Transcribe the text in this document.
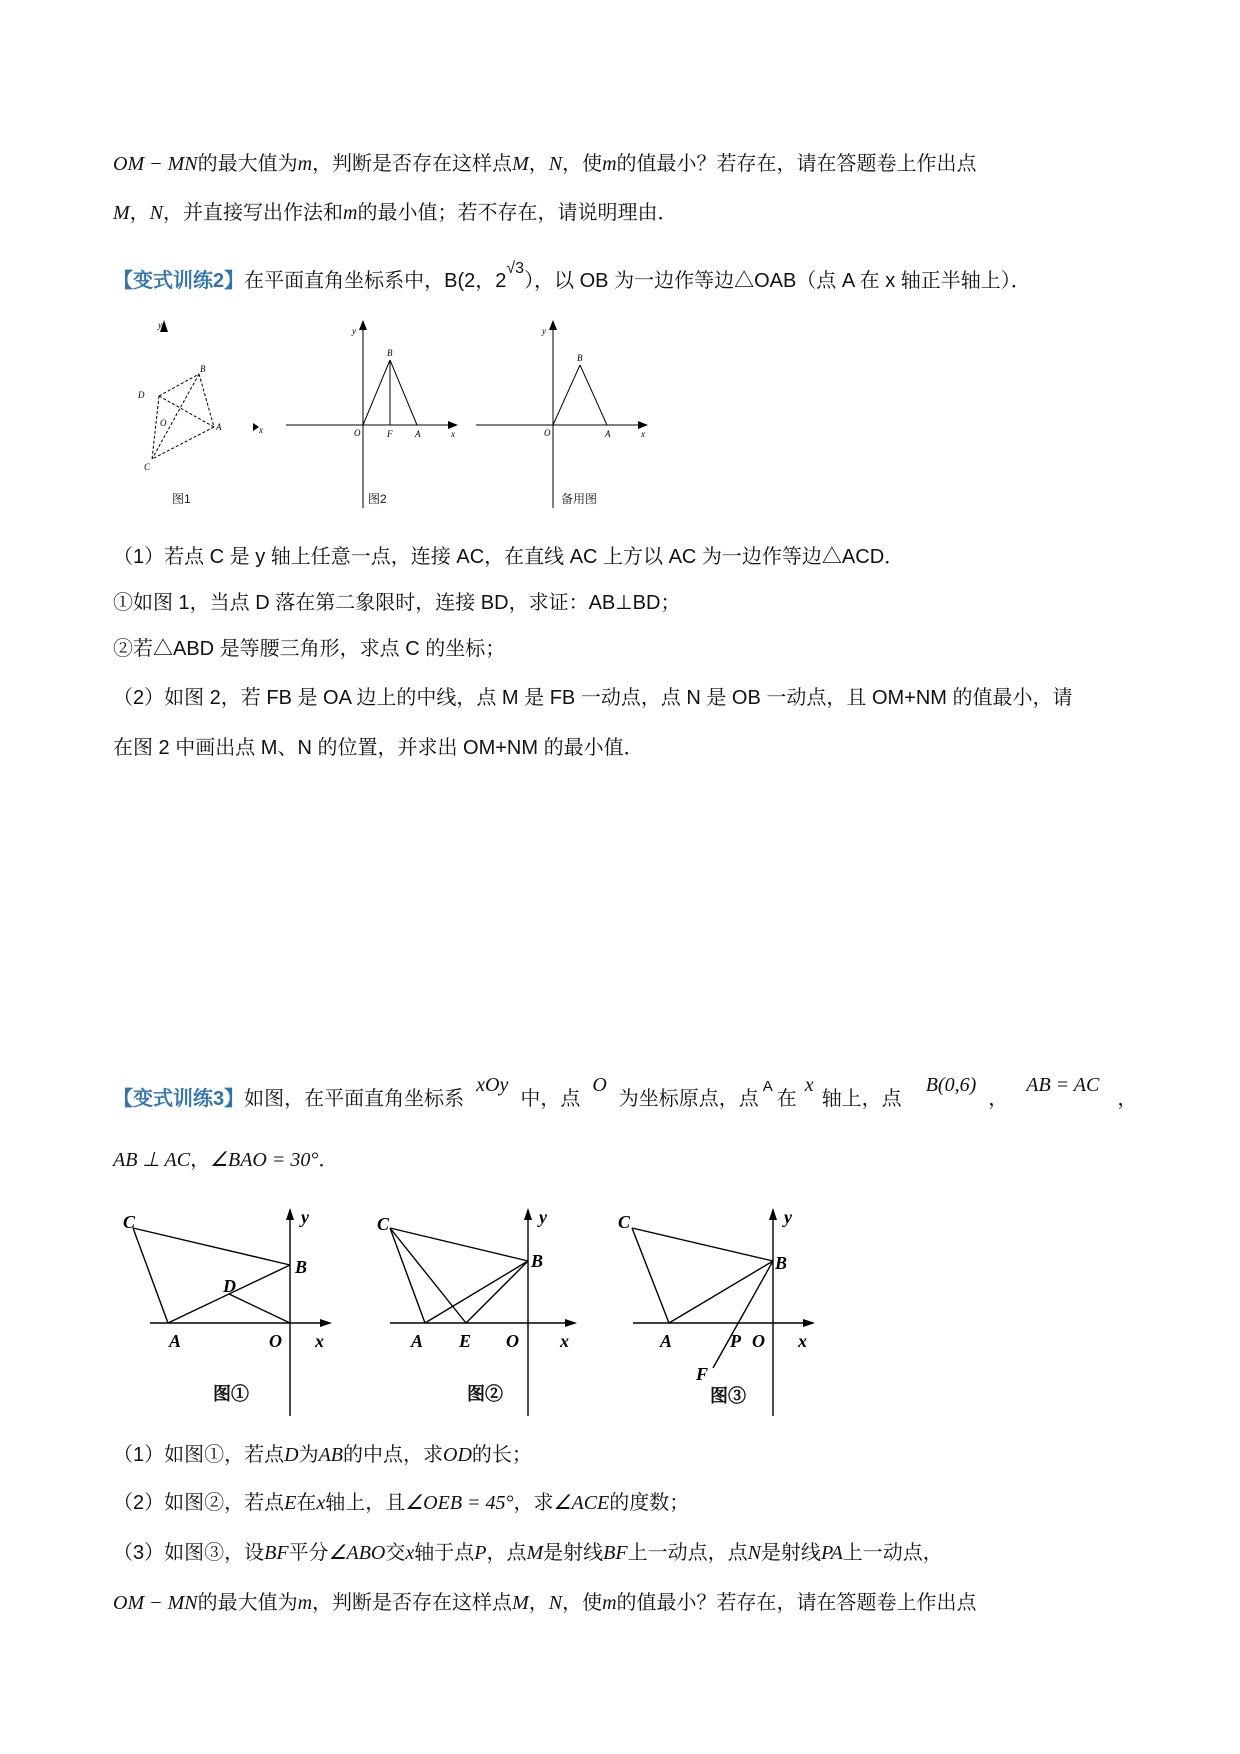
OM − MN的最大值为m，判断是否存在这样点M，N，使m的值最小？若存在，请在答题卷上作出点
M，N，并直接写出作法和m的最小值；若不存在，请说明理由．
【变式训练2】在平面直角坐标系中，B(2，$2^{√3}$），以 OB 为一边作等边△OAB（点 A 在 x 轴正半轴上）．
y
B
D
O	A
C
x
图1
y
x
B
O	F	A
图2
y
x
B
O	A
备用图
（1）若点 C 是 y 轴上任意一点，连接 AC，在直线 AC 上方以 AC 为一边作等边△ACD．
①如图 1，当点 D 落在第二象限时，连接 BD，求证：AB⊥BD；
②若△ABD 是等腰三角形，求点 C 的坐标；
（2）如图 2，若 FB 是 OA 边上的中线，点 M 是 FB 一动点，点 N 是 OB 一动点，且 OM+NM 的值最小，请
在图 2 中画出点 M、N 的位置，并求出 OM+NM 的最小值．
【变式训练3】如图，在平面直角坐标系xOy中，点O为坐标原点，点$^A$在x轴上，点B(0,6)，AB = AC，
AB ⊥ AC，∠BAO = 30°．
y
x
C
B
D
A	O
图①
y
x
C
B
A E O
图②
y
x
C
B
A	P O
F
图③
（1）如图①，若点D为AB的中点，求OD的长；
（2）如图②，若点E在x轴上，且∠OEB = 45°，求∠ACE的度数；
（3）如图③，设BF平分∠ABO交x轴于点P，点M是射线BF上一动点，点N是射线PA上一动点，
OM − MN的最大值为m，判断是否存在这样点M，N，使m的值最小？若存在，请在答题卷上作出点
